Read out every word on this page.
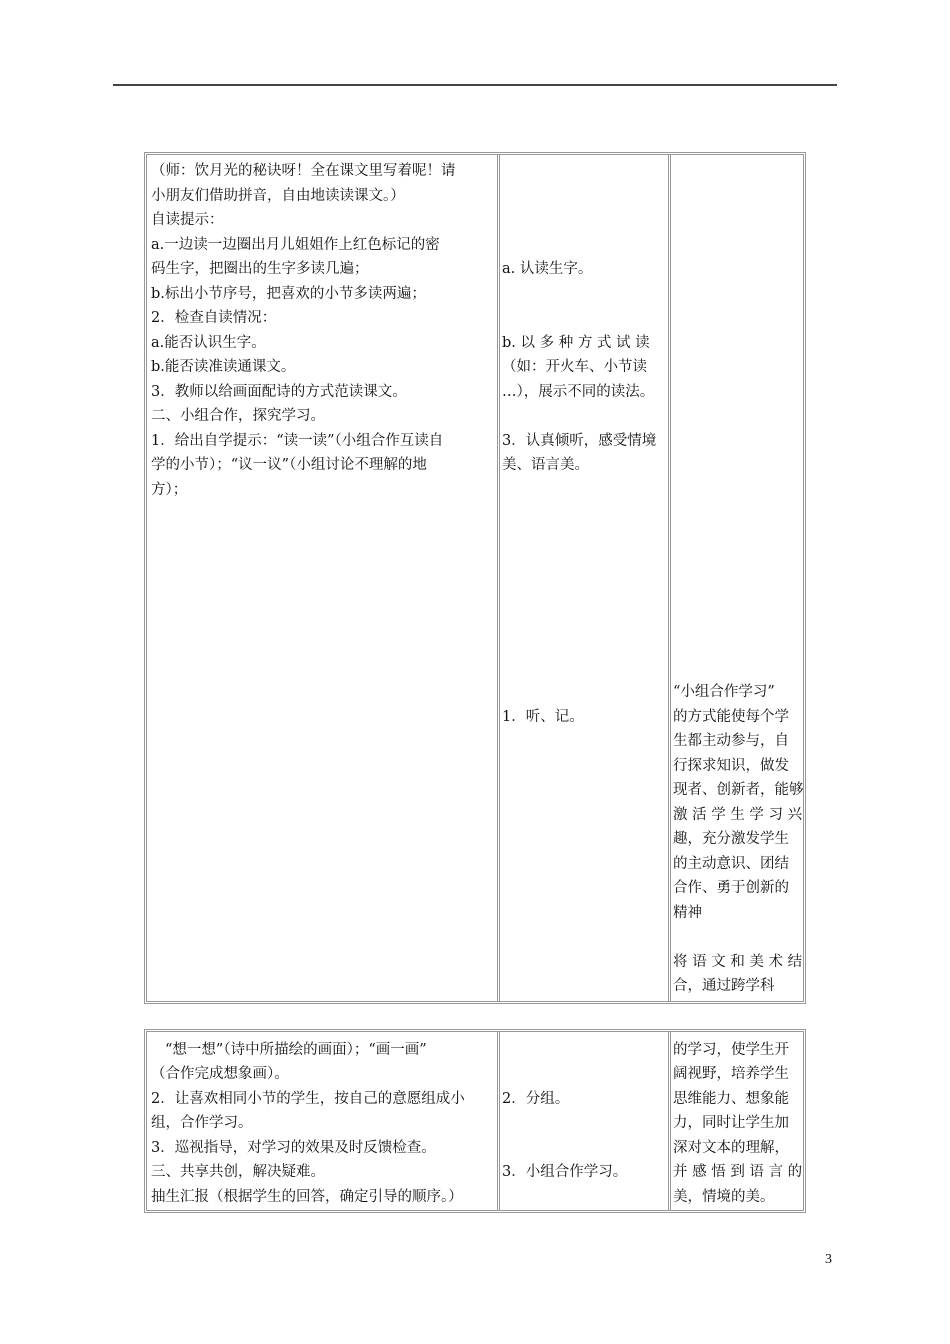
（师：饮月光的秘诀呀！全在课文里写着呢！请
小朋友们借助拼音，自由地读读课文。）
自读提示：
a.一边读一边圈出月儿姐姐作上红色标记的密
码生字，把圈出的生字多读几遍；
b.标出小节序号，把喜欢的小节多读两遍；
2．检查自读情况：
a.能否认识生字。
b.能否读准读通课文。
3．教师以给画面配诗的方式范读课文。
二、小组合作，探究学习。
1．给出自学提示：“读一读”（小组合作互读自
学的小节）；“议一议”（小组讨论不理解的地
方）；
a. 认读生字。
b. 以 多 种 方 式 试 读
（如：开火车、小节读
…），展示不同的读法。
3．认真倾听，感受情境
美、语言美。
1．听、记。
“小组合作学习”
的方式能使每个学
生都主动参与，自
行探求知识，做发
现者、创新者，能够
激 活 学 生 学 习 兴
趣，充分激发学生
的主动意识、团结
合作、勇于创新的
精神
将 语 文 和 美 术 结
合，通过跨学科
“想一想”（诗中所描绘的画面）；“画一画”
（合作完成想象画）。
2．让喜欢相同小节的学生，按自己的意愿组成小
组，合作学习。
3．巡视指导，对学习的效果及时反馈检查。
三、共享共创，解决疑难。
抽生汇报（根据学生的回答，确定引导的顺序。）
2．分组。
3．小组合作学习。
的学习，使学生开
阔视野，培养学生
思维能力、想象能
力，同时让学生加
深对文本的理解，
并 感 悟 到 语 言 的
美，情境的美。
3
